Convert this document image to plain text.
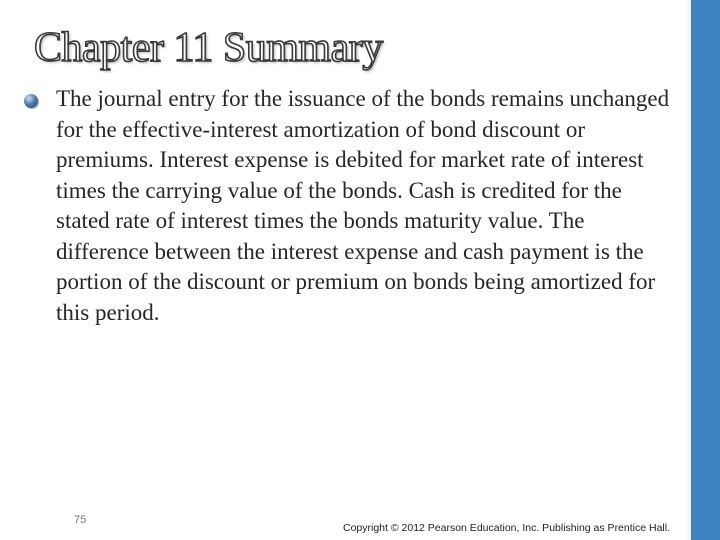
Chapter 11 Summary

The journal entry for the issuance of the bonds remains unchanged for the effective-interest amortization of bond discount or premiums. Interest expense is debited for market rate of interest times the carrying value of the bonds. Cash is credited for the stated rate of interest times the bonds maturity value. The difference between the interest expense and cash payment is the portion of the discount or premium on bonds being amortized for this period.

75
Copyright © 2012 Pearson Education, Inc. Publishing as Prentice Hall.
